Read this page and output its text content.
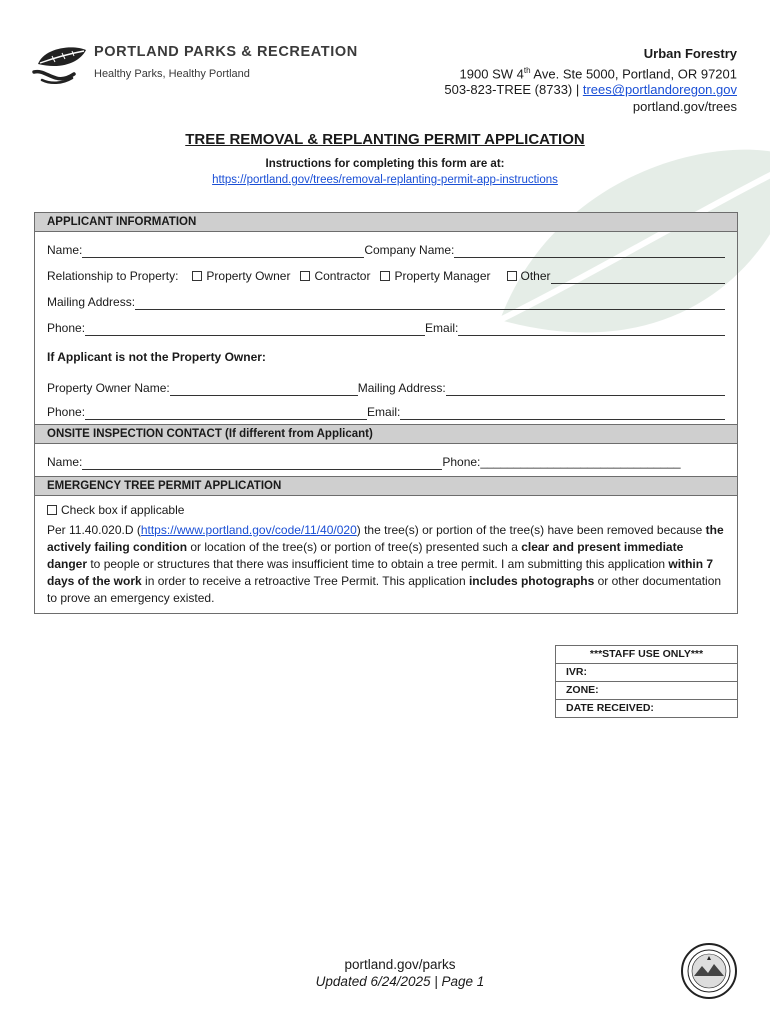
PORTLAND PARKS & RECREATION
Healthy Parks, Healthy Portland
Urban Forestry
1900 SW 4th Ave. Ste 5000, Portland, OR 97201
503-823-TREE (8733) | trees@portlandoregon.gov
portland.gov/trees

TREE REMOVAL & REPLANTING PERMIT APPLICATION

Instructions for completing this form are at:
https://portland.gov/trees/removal-replanting-permit-app-instructions
APPLICANT INFORMATION
Name:	Company Name:
Relationship to Property:	Property Owner	Contractor	Property Manager	Other
Mailing Address:
Phone:	Email:
If Applicant is not the Property Owner:
Property Owner Name:	Mailing Address:
Phone:	Email:
ONSITE INSPECTION CONTACT (If different from Applicant)
Name:	Phone: ______________________________
EMERGENCY TREE PERMIT APPLICATION
Check box if applicable
Per 11.40.020.D (https://www.portland.gov/code/11/40/020) the tree(s) or portion of the tree(s) have been removed because the actively failing condition or location of the tree(s) or portion of tree(s) presented such a clear and present immediate danger to people or structures that there was insufficient time to obtain a tree permit. I am submitting this application within 7 days of the work in order to receive a retroactive Tree Permit. This application includes photographs or other documentation to prove an emergency existed.
***STAFF USE ONLY***
IVR:
ZONE:
DATE RECEIVED:
portland.gov/parks
Updated 6/24/2025 | Page 1
